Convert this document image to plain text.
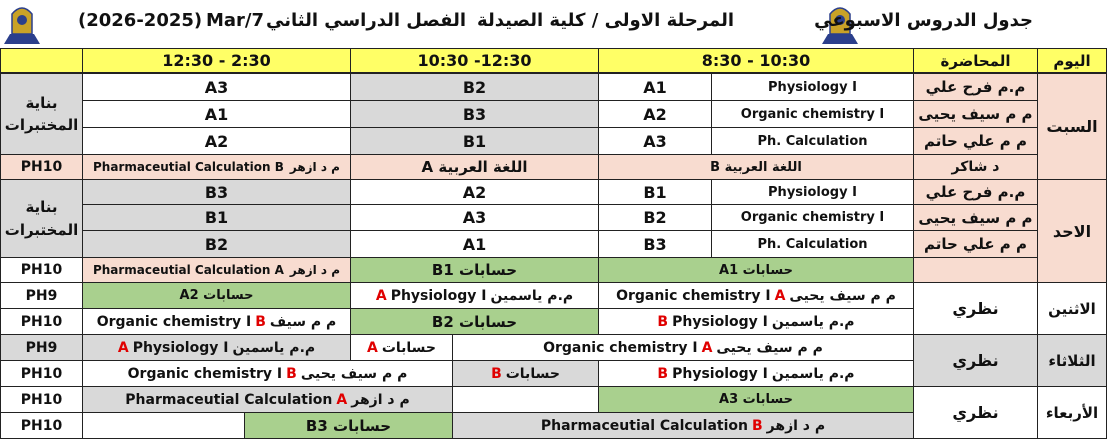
جدول الدروس الاسبوعي
المرحلة الاولى / كلية الصيدلة
الفصل الدراسي الثاني
Mar/7
(2026-2025)
اليوم
المحاضرة
8:30 - 10:30
10:30 -12:30
12:30 - 2:30
السبت
م.م فرح علي
م م سيف يحيى
م م علي حاتم
د شاكر
Physiology I
Organic chemistry I
Ph. Calculation
A1
A2
A3
B2
B3
B1
A3
A1
A2
بناية المختبرات
اللغة العربية B
اللغة العربية A
Pharmaceutial Calculation B م د ازهر
PH10
الاحد
م.م فرح علي
م م سيف يحيى
م م علي حاتم
Physiology I
Organic chemistry I
Ph. Calculation
B1
B2
B3
A2
A3
A1
B3
B1
B2
بناية المختبرات
حسابات A1
حسابات B1
Pharmaceutial Calculation A م د ازهر
PH10
الاثنين
نظري
Organic chemistry I A م م سيف يحيى
A Physiology I م.م ياسمين
حسابات A2
PH9
B Physiology I م.م ياسمين
حسابات B2
Organic chemistry I B م م سيف
PH10
الثلاثاء
نظري
Organic chemistry I A م م سيف يحيى
A حسابات
A Physiology I م.م ياسمين
PH9
B Physiology I م.م ياسمين
B حسابات
Organic chemistry I B م م سيف يحيى
PH10
الأربعاء
نظري
حسابات A3
Pharmaceutial Calculation A م د ازهر
PH10
Pharmaceutial Calculation B م د ازهر
حسابات B3
PH10
